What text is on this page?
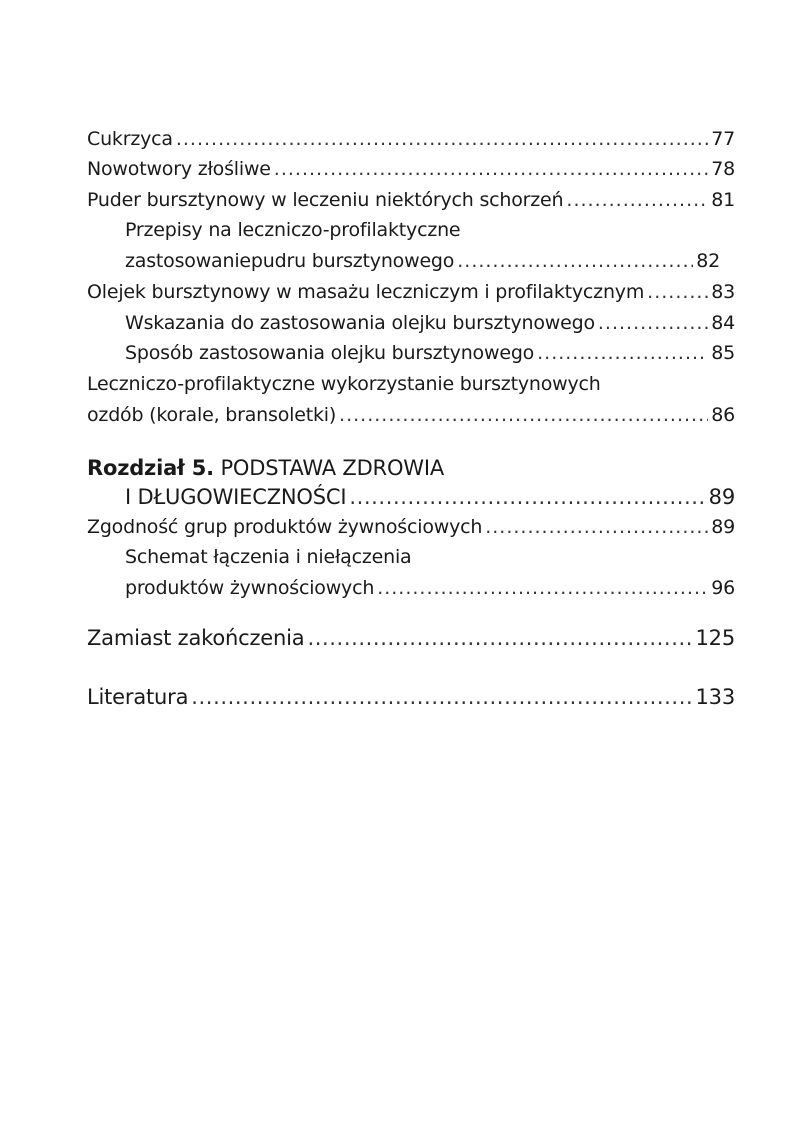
Cukrzyca .....	77
Nowotwory złośliwe .....	78
Puder bursztynowy w leczeniu niektórych schorzeń .....	81
Przepisy na leczniczo-profilaktyczne
zastosowaniepudru bursztynowego .....	82
Olejek bursztynowy w masażu leczniczym i profilaktycznym .....	83
Wskazania do zastosowania olejku bursztynowego .....	84
Sposób zastosowania olejku bursztynowego .....	85
Leczniczo-profilaktyczne wykorzystanie bursztynowych
ozdób (korale, bransoletki) .....	86
Rozdział 5. PODSTAWA ZDROWIA
I DŁUGOWIECZNOŚCI .....	89
Zgodność grup produktów żywnościowych .....	89
Schemat łączenia i niełączenia
produktów żywnościowych .....	96
Zamiast zakończenia .....	125
Literatura .....	133
